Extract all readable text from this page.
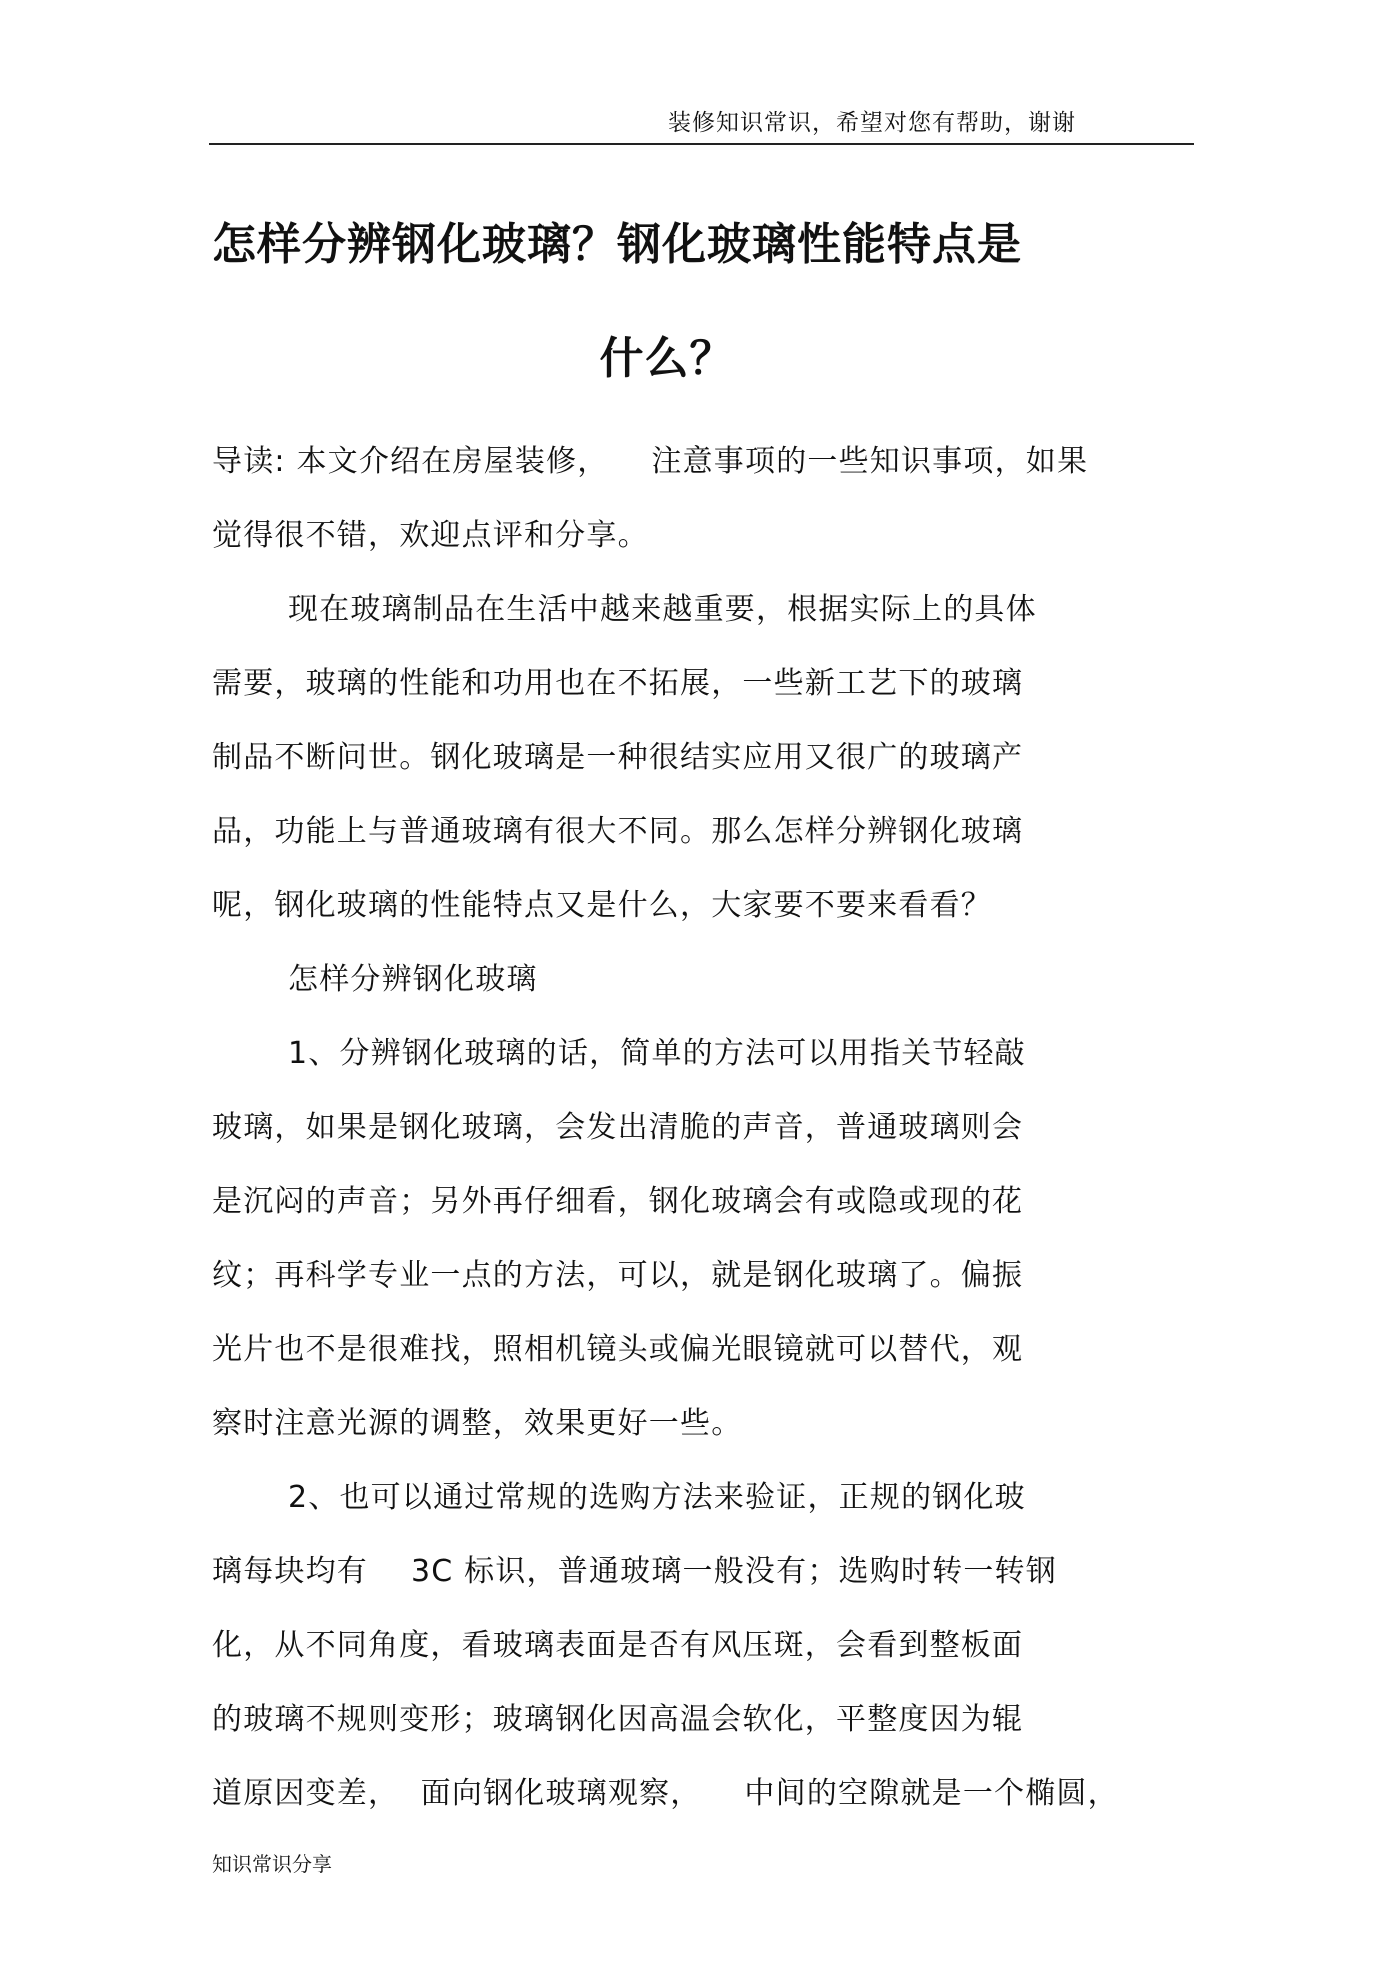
装修知识常识，希望对您有帮助，谢谢
怎样分辨钢化玻璃？钢化玻璃性能特点是
什么？
导读: 本文介绍在房屋装修，    注意事项的一些知识事项，如果
觉得很不错，欢迎点评和分享。
现在玻璃制品在生活中越来越重要，根据实际上的具体
需要，玻璃的性能和功用也在不拓展，一些新工艺下的玻璃
制品不断问世。钢化玻璃是一种很结实应用又很广的玻璃产
品，功能上与普通玻璃有很大不同。那么怎样分辨钢化玻璃
呢，钢化玻璃的性能特点又是什么，大家要不要来看看？
怎样分辨钢化玻璃
1、分辨钢化玻璃的话，简单的方法可以用指关节轻敲
玻璃，如果是钢化玻璃，会发出清脆的声音，普通玻璃则会
是沉闷的声音；另外再仔细看，钢化玻璃会有或隐或现的花
纹；再科学专业一点的方法，可以，就是钢化玻璃了。偏振
光片也不是很难找，照相机镜头或偏光眼镜就可以替代，观
察时注意光源的调整，效果更好一些。
2、也可以通过常规的选购方法来验证，正规的钢化玻
璃每块均有    3C 标识，普通玻璃一般没有；选购时转一转钢
化，从不同角度，看玻璃表面是否有风压斑，会看到整板面
的玻璃不规则变形；玻璃钢化因高温会软化，平整度因为辊
道原因变差，  面向钢化玻璃观察，    中间的空隙就是一个椭圆，
知识常识分享
